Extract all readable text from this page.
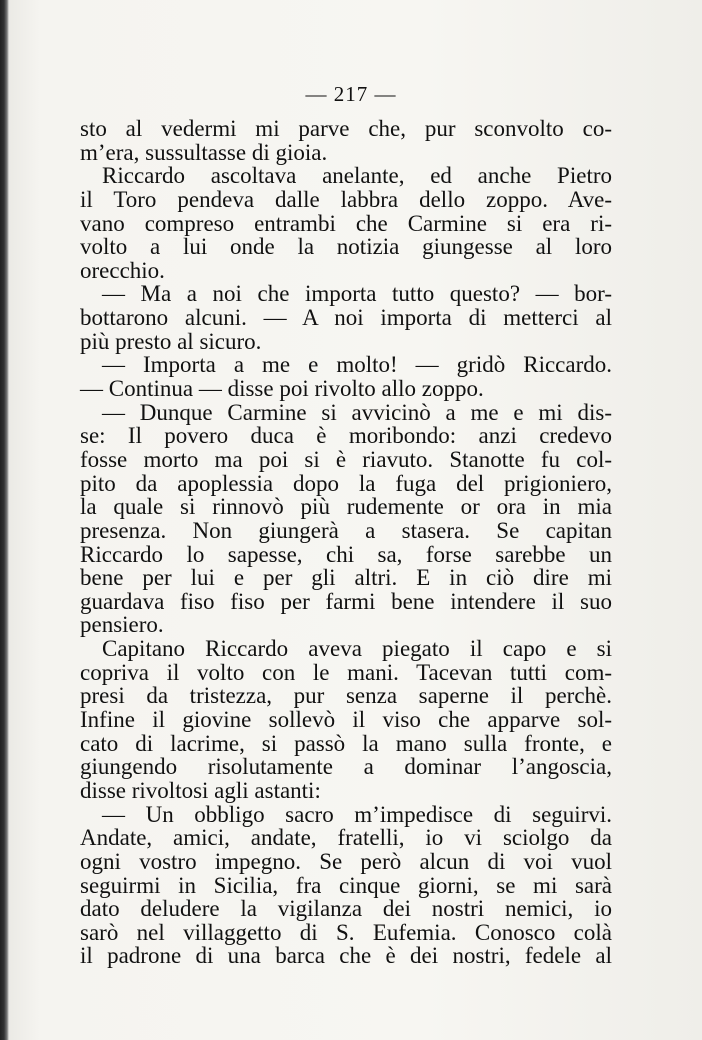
— 217 —
sto al vedermi mi parve che, pur sconvolto co-
m’era, sussultasse di gioia.
Riccardo ascoltava anelante, ed anche Pietro
il Toro pendeva dalle labbra dello zoppo. Ave-
vano compreso entrambi che Carmine si era ri-
volto a lui onde la notizia giungesse al loro
orecchio.
— Ma a noi che importa tutto questo? — bor-
bottarono alcuni. — A noi importa di metterci al
più presto al sicuro.
— Importa a me e molto! — gridò Riccardo.
— Continua — disse poi rivolto allo zoppo.
— Dunque Carmine si avvicinò a me e mi dis-
se: Il povero duca è moribondo: anzi credevo
fosse morto ma poi si è riavuto. Stanotte fu col-
pito da apoplessia dopo la fuga del prigioniero,
la quale si rinnovò più rudemente or ora in mia
presenza. Non giungerà a stasera. Se capitan
Riccardo lo sapesse, chi sa, forse sarebbe un
bene per lui e per gli altri. E in ciò dire mi
guardava fiso fiso per farmi bene intendere il suo
pensiero.
Capitano Riccardo aveva piegato il capo e si
copriva il volto con le mani. Tacevan tutti com-
presi da tristezza, pur senza saperne il perchè.
Infine il giovine sollevò il viso che apparve sol-
cato di lacrime, si passò la mano sulla fronte, e
giungendo risolutamente a dominar l’angoscia,
disse rivoltosi agli astanti:
— Un obbligo sacro m’impedisce di seguirvi.
Andate, amici, andate, fratelli, io vi sciolgo da
ogni vostro impegno. Se però alcun di voi vuol
seguirmi in Sicilia, fra cinque giorni, se mi sarà
dato deludere la vigilanza dei nostri nemici, io
sarò nel villaggetto di S. Eufemia. Conosco colà
il padrone di una barca che è dei nostri, fedele al
